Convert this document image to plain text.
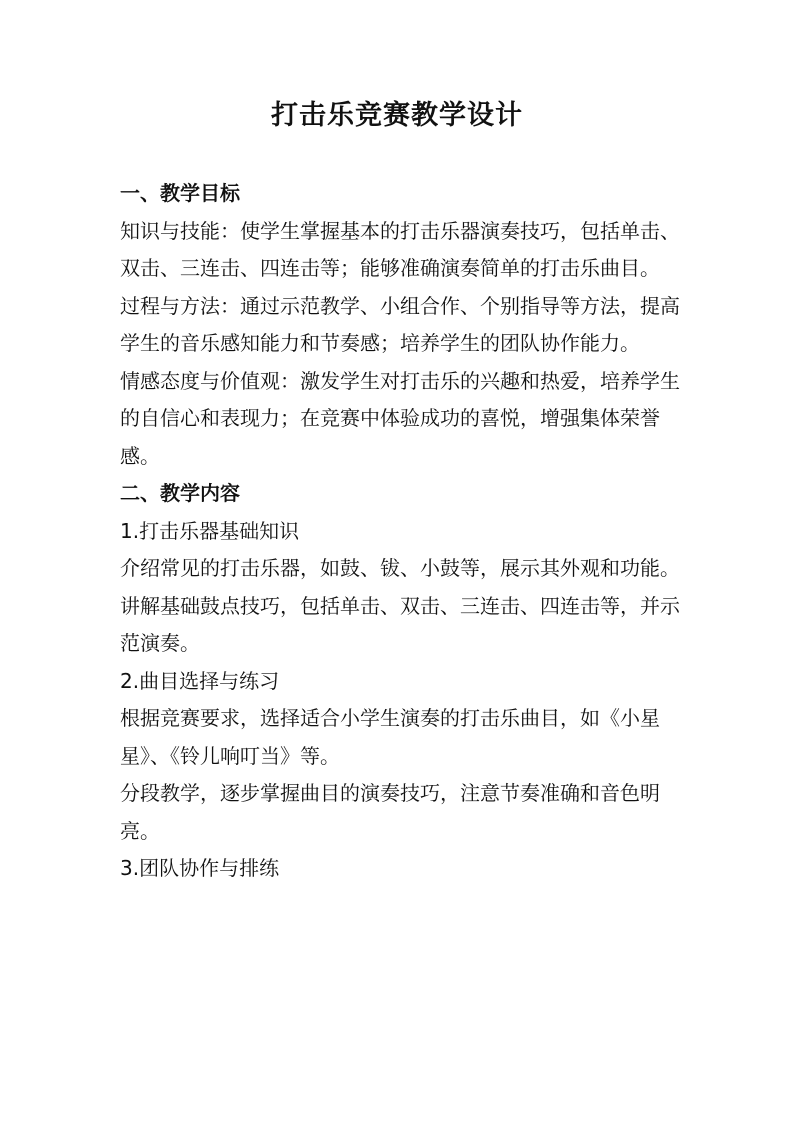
打击乐竞赛教学设计

一、教学目标

知识与技能：使学生掌握基本的打击乐器演奏技巧，包括单击、双击、三连击、四连击等；能够准确演奏简单的打击乐曲目。

过程与方法：通过示范教学、小组合作、个别指导等方法，提高学生的音乐感知能力和节奏感；培养学生的团队协作能力。

情感态度与价值观：激发学生对打击乐的兴趣和热爱，培养学生的自信心和表现力；在竞赛中体验成功的喜悦，增强集体荣誉感。

二、教学内容

1.打击乐器基础知识

介绍常见的打击乐器，如鼓、钹、小鼓等，展示其外观和功能。

讲解基础鼓点技巧，包括单击、双击、三连击、四连击等，并示范演奏。

2.曲目选择与练习

根据竞赛要求，选择适合小学生演奏的打击乐曲目，如《小星星》、《铃儿响叮当》等。

分段教学，逐步掌握曲目的演奏技巧，注意节奏准确和音色明亮。

3.团队协作与排练
